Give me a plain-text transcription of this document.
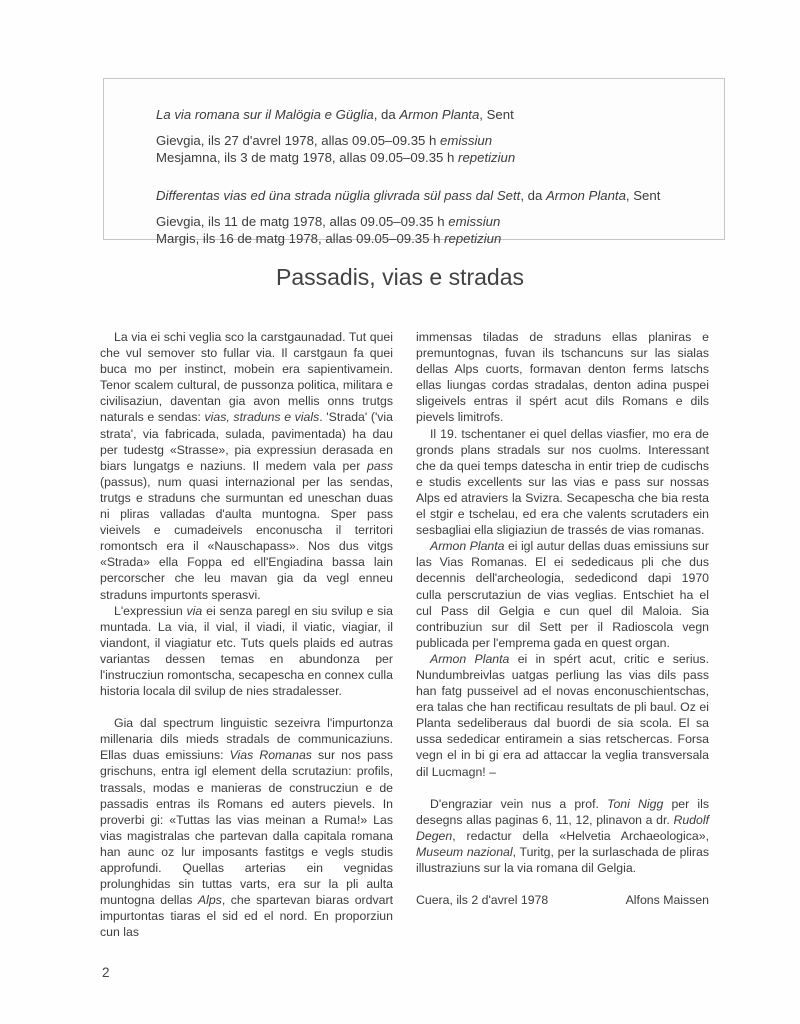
La via romana sur il Malögia e Güglia, da Armon Planta, Sent
Gievgia, ils 27 d'avrel 1978, allas 09.05–09.35 h emissiun
Mesjamna, ils 3 de matg 1978, allas 09.05–09.35 h repetiziun
Differentas vias ed üna strada nüglia glivrada sül pass dal Sett, da Armon Planta, Sent
Gievgia, ils 11 de matg 1978, allas 09.05–09.35 h emissiun
Margis, ils 16 de matg 1978, allas 09.05–09.35 h repetiziun
Passadis, vias e stradas

La via ei schi veglia sco la carstgaunadad. Tut quei che vul semover sto fullar via. Il carstgaun fa quei buca mo per instinct, mobein era sapientivamein. Tenor scalem cultural, de pussonza politica, militara e civilisaziun, daventan gia avon mellis onns trutgs naturals e sendas: vias, straduns e vials. 'Strada' ('via strata', via fabricada, sulada, pavimentada) ha dau per tudestg «Strasse», pia expressiun derasada en biars lungatgs e naziuns. Il medem vala per pass (passus), num quasi internazional per las sendas, trutgs e straduns che surmuntan ed uneschan duas ni pliras valladas d'aulta muntogna. Sper pass vieivels e cumadeivels enconuscha il territori romontsch era il «Nauschapass». Nos dus vitgs «Strada» ella Foppa ed ell'Engiadina bassa lain percorscher che leu mavan gia da vegl enneu straduns impurtonts sperasvi.

L'expressiun via ei senza paregl en siu svilup e sia muntada. La via, il vial, il viadi, il viatic, viagiar, il viandont, il viagiatur etc. Tuts quels plaids ed autras variantas dessen temas en abundonza per l'instrucziun romontscha, secapescha en connex culla historia locala dil svilup de nies stradalesser.

Gia dal spectrum linguistic sezeivra l'impurtonza millenaria dils mieds stradals de communicaziuns. Ellas duas emissiuns: Vias Romanas sur nos pass grischuns, entra igl element della scrutaziun: profils, trassals, modas e manieras de construcziun e de passadis entras ils Romans ed auters pievels. In proverbi gi: «Tuttas las vias meinan a Ruma!» Las vias magistralas che partevan dalla capitala romana han aunc oz lur imposants fastitgs e vegls studis approfundi. Quellas arterias ein vegnidas prolunghidas sin tuttas varts, era sur la pli aulta muntogna dellas Alps, che spartevan biaras ordvart impurtontas tiaras el sid ed el nord. En proporziun cun las

immensas tiladas de straduns ellas planiras e premuntognas, fuvan ils tschancuns sur las sialas dellas Alps cuorts, formavan denton ferms latschs ellas liungas cordas stradalas, denton adina puspei sligeivels entras il spért acut dils Romans e dils pievels limitrofs.

Il 19. tschentaner ei quel dellas viasfier, mo era de gronds plans stradals sur nos cuolms. Interessant che da quei temps datescha in entir triep de cudischs e studis excellents sur las vias e pass sur nossas Alps ed atraviers la Svizra. Secapescha che bia resta el stgir e tschelau, ed era che valents scrutaders ein sesbagliai ella sligiaziun de trassés de vias romanas.

Armon Planta ei igl autur dellas duas emissiuns sur las Vias Romanas. El ei sededicaus pli che dus decennis dell'archeologia, sededicond dapi 1970 culla perscrutaziun de vias veglias. Entschiet ha el cul Pass dil Gelgia e cun quel dil Maloia. Sia contribuziun sur dil Sett per il Radioscola vegn publicada per l'emprema gada en quest organ.

Armon Planta ei in spért acut, critic e serius. Nundumbreivlas uatgas perliung las vias dils pass han fatg pusseivel ad el novas enconuschientschas, era talas che han rectificau resultats de pli baul. Oz ei Planta sedeliberaus dal buordi de sia scola. El sa ussa sededicar entiramein a sias retschercas. Forsa vegn el in bi gi era ad attaccar la veglia transversala dil Lucmagn! –

D'engraziar vein nus a prof. Toni Nigg per ils desegns allas paginas 6, 11, 12, plinavon a dr. Rudolf Degen, redactur della «Helvetia Archaeologica», Museum nazional, Turitg, per la surlaschada de pliras illustraziuns sur la via romana dil Gelgia.

Cuera, ils 2 d'avrel 1978	Alfons Maissen
2
